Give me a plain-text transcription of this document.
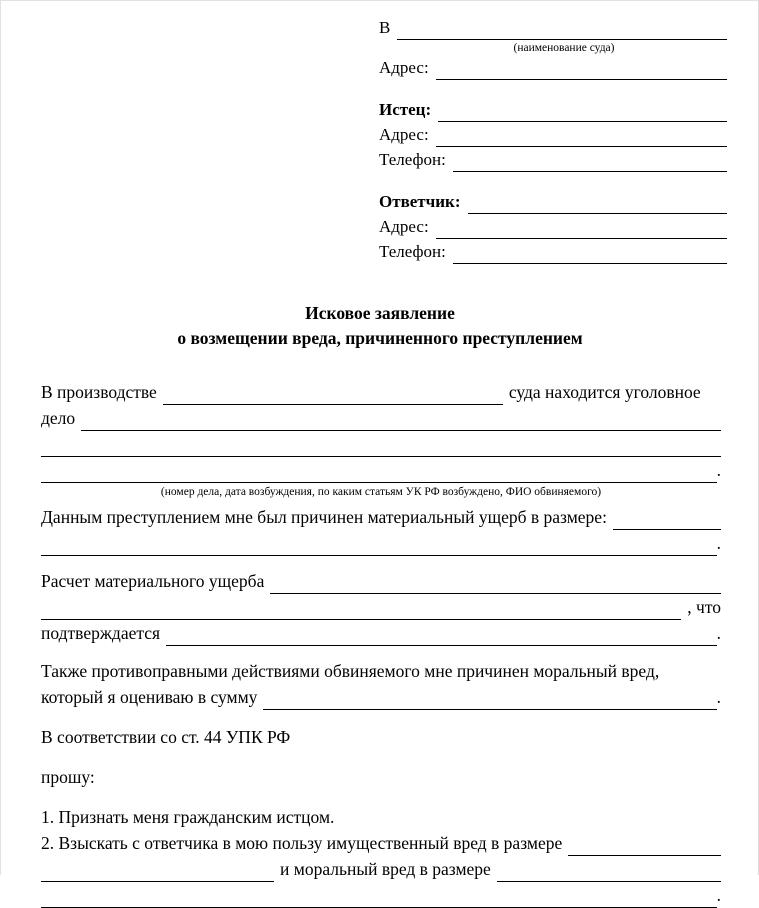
В
(наименование суда)
Адрес:
Истец:
Адрес:
Телефон:
Ответчик:
Адрес:
Телефон:
Исковое заявление
о возмещении вреда, причиненного преступлением
В производстве	суда находится уголовное
дело
.
(номер дела, дата возбуждения, по каким статьям УК РФ возбуждено, ФИО обвиняемого)
Данным преступлением мне был причинен материальный ущерб в размере:
.
Расчет материального ущерба
, что
подтверждается	.
Также противоправными действиями обвиняемого мне причинен моральный вред,
который я оцениваю в сумму	.
В соответствии со ст. 44 УПК РФ
прошу:
1. Признать меня гражданским истцом.
2. Взыскать с ответчика в мою пользу имущественный вред в размере
и моральный вред в размере
.
